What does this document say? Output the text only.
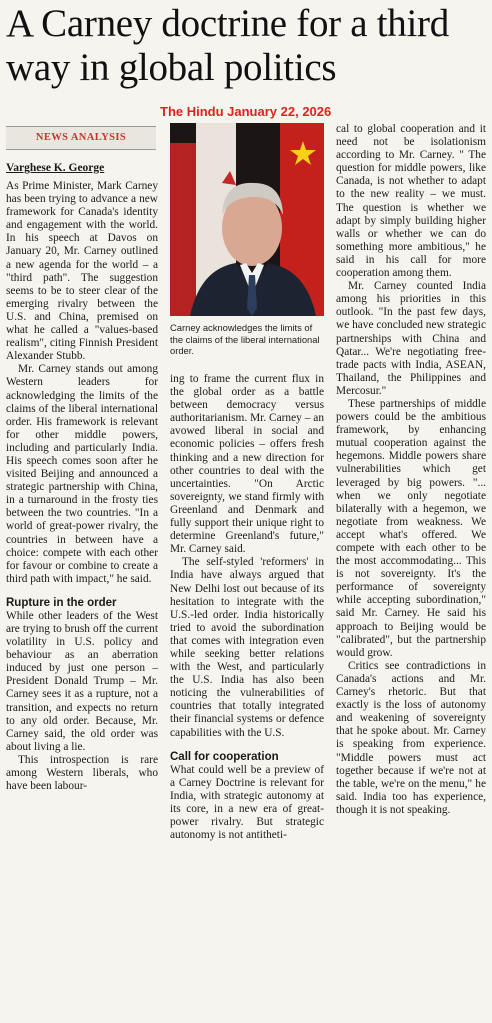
A Carney doctrine for a third way in global politics
The Hindu January 22, 2026
NEWS ANALYSIS
Varghese K. George

As Prime Minister, Mark Carney has been trying to advance a new framework for Canada's identity and engagement with the world. In his speech at Davos on January 20, Mr. Carney outlined a new agenda for the world – a "third path". The suggestion seems to be to steer clear of the emerging rivalry between the U.S. and China, premised on what he called a "values-based realism", citing Finnish President Alexander Stubb.

Mr. Carney stands out among Western leaders for acknowledging the limits of the claims of the liberal international order. His framework is relevant for other middle powers, including and particularly India. His speech comes soon after he visited Beijing and announced a strategic partnership with China, in a turnaround in the frosty ties between the two countries. "In a world of great-power rivalry, the countries in between have a choice: compete with each other for favour or combine to create a third path with impact," he said.

Rupture in the order

While other leaders of the West are trying to brush off the current volatility in U.S. policy and behaviour as an aberration induced by just one person – President Donald Trump – Mr. Carney sees it as a rupture, not a transition, and expects no return to any old order. Because, Mr. Carney said, the old order was about living a lie.

This introspection is rare among Western liberals, who have been labour-

Carney acknowledges the limits of the claims of the liberal international order.

ing to frame the current flux in the global order as a battle between democracy versus authoritarianism. Mr. Carney – an avowed liberal in social and economic policies – offers fresh thinking and a new direction for other countries to deal with the uncertainties. "On Arctic sovereignty, we stand firmly with Greenland and Denmark and fully support their unique right to determine Greenland's future," Mr. Carney said.

The self-styled 'reformers' in India have always argued that New Delhi lost out because of its hesitation to integrate with the U.S.-led order. India historically tried to avoid the subordination that comes with integration even while seeking better relations with the West, and particularly the U.S. India has also been noticing the vulnerabilities of countries that totally integrated their financial systems or defence capabilities with the U.S.

Call for cooperation

What could well be a preview of a Carney Doctrine is relevant for India, with strategic autonomy at its core, in a new era of great-power rivalry. But strategic autonomy is not antitheti-

cal to global cooperation and it need not be isolationism according to Mr. Carney. " The question for middle powers, like Canada, is not whether to adapt to the new reality – we must. The question is whether we adapt by simply building higher walls or whether we can do something more ambitious," he said in his call for more cooperation among them.

Mr. Carney counted India among his priorities in this outlook. "In the past few days, we have concluded new strategic partnerships with China and Qatar... We're negotiating free-trade pacts with India, ASEAN, Thailand, the Philippines and Mercosur."

These partnerships of middle powers could be the ambitious framework, by enhancing mutual cooperation against the hegemons. Middle powers share vulnerabilities which get leveraged by big powers. "... when we only negotiate bilaterally with a hegemon, we negotiate from weakness. We accept what's offered. We compete with each other to be the most accommodating... This is not sovereignty. It's the performance of sovereignty while accepting subordination," said Mr. Carney. He said his approach to Beijing would be "calibrated", but the partnership would grow.

Critics see contradictions in Canada's actions and Mr. Carney's rhetoric. But that exactly is the loss of autonomy and weakening of sovereignty that he spoke about. Mr. Carney is speaking from experience. "Middle powers must act together because if we're not at the table, we're on the menu," he said. India too has experience, though it is not speaking.
